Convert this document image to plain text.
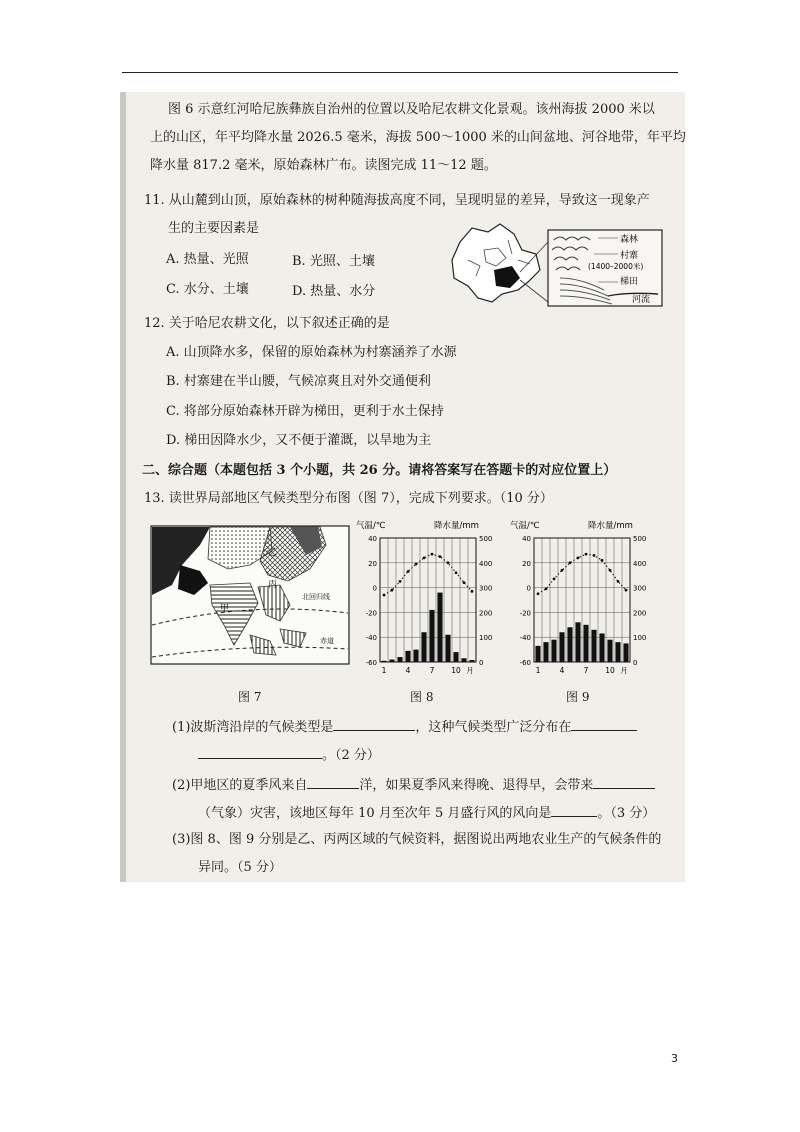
图 6 示意红河哈尼族彝族自治州的位置以及哈尼农耕文化景观。该州海拔 2000 米以
上的山区，年平均降水量 2026.5 毫米，海拔 500～1000 米的山间盆地、河谷地带，年平均
降水量 817.2 毫米，原始森林广布。读图完成 11～12 题。
11. 从山麓到山顶，原始森林的树种随海拔高度不同，呈现明显的差异，导致这一现象产
生的主要因素是
A. 热量、光照	B. 光照、土壤
C. 水分、土壤	D. 热量、水分
森林
村寨
(1400–2000米)
梯田
河流
12. 关于哈尼农耕文化，以下叙述正确的是
A. 山顶降水多，保留的原始森林为村寨涵养了水源
B. 村寨建在半山腰，气候凉爽且对外交通便利
C. 将部分原始森林开辟为梯田，更利于水土保持
D. 梯田因降水少，又不便于灌溉，以旱地为主
二、综合题（本题包括 3 个小题，共 26 分。请将答案写在答题卡的对应位置上）
13. 读世界局部地区气候类型分布图（图 7），完成下列要求。（10 分）
丙
乙
甲
北回归线
赤道
图 7
气温/℃	降水量/mm
40	500
20	400
0	300
-20	200
-40	100
-60	0
1	4	7 10 月
图 8
气温/℃	降水量/mm
40	500
20	400
0	300
-20	200
-40	100
-60	0
1	4	7 10 月
图 9
(1)波斯湾沿岸的气候类型是	，这种气候类型广泛分布在
。（2 分）
(2)甲地区的夏季风来自	洋，如果夏季风来得晚、退得早，会带来
（气象）灾害，该地区每年 10 月至次年 5 月盛行风的风向是	。（3 分）
(3)图 8、图 9 分别是乙、丙两区域的气候资料，据图说出两地农业生产的气候条件的
异同。（5 分）
3
